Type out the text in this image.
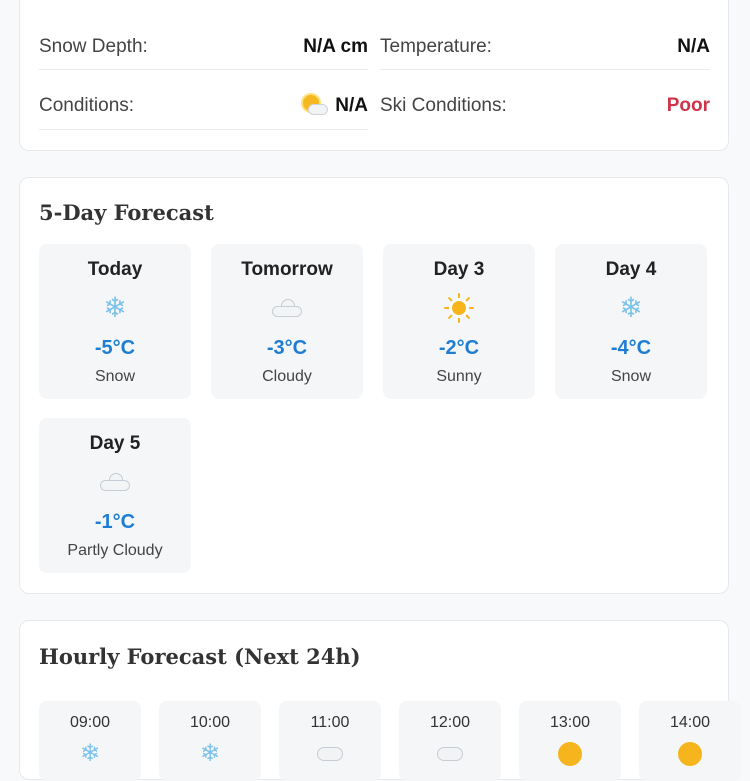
Snow Depth:	N/A cm Temperature:	N/A
Conditions:	N/A Ski Conditions:	Poor
5-Day Forecast
Today
❄
-5°C
Snow
Tomorrow
-3°C
Cloudy
Day 3
-2°C
Sunny
Day 4
❄
-4°C
Snow
Day 5
-1°C
Partly Cloudy
Hourly Forecast (Next 24h)
09:00
❄
10:00
❄
11:00	12:00	13:00	14:00
